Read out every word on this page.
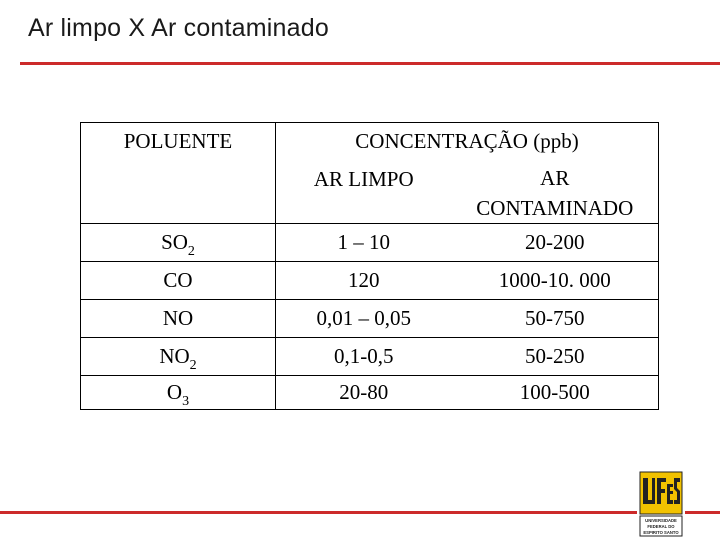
Ar limpo X Ar contaminado
POLUENTE	CONCENTRAÇÃO (ppb)	
	AR LIMPO	AR
CONTAMINADO

$SO_2$	1 – 10	20-200
CO	120	1000-10. 000
NO	0,01 – 0,05	50-750
$NO_2$	0,1-0,5	50-250
$O_3$	20-80	100-500
UNIVERSIDADE
FEDERAL DO
ESPIRITO SANTO
